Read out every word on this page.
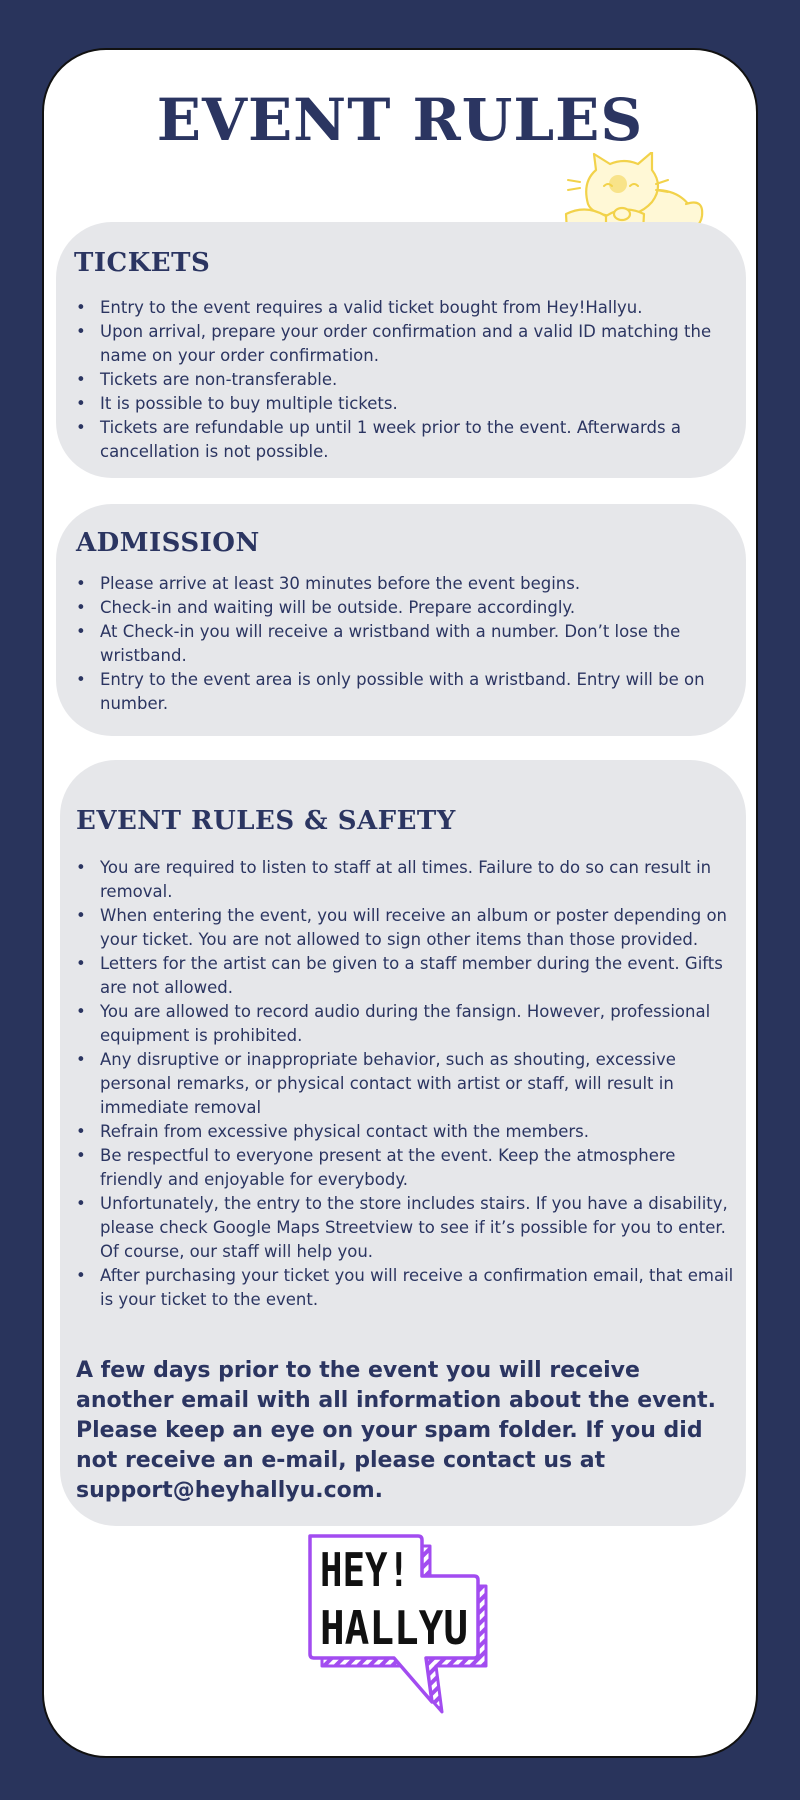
EVENT RULES
TICKETS
• Entry to the event requires a valid ticket bought from Hey!Hallyu.
• Upon arrival, prepare your order confirmation and a valid ID matching the name on your order confirmation.
• Tickets are non-transferable.
• It is possible to buy multiple tickets.
• Tickets are refundable up until 1 week prior to the event. Afterwards a cancellation is not possible.
ADMISSION
• Please arrive at least 30 minutes before the event begins.
• Check-in and waiting will be outside. Prepare accordingly.
• At Check-in you will receive a wristband with a number. Don’t lose the wristband.
• Entry to the event area is only possible with a wristband. Entry will be on number.
EVENT RULES & SAFETY
• You are required to listen to staff at all times. Failure to do so can result in removal.
• When entering the event, you will receive an album or poster depending on your ticket. You are not allowed to sign other items than those provided.
• Letters for the artist can be given to a staff member during the event. Gifts are not allowed.
• You are allowed to record audio during the fansign. However, professional equipment is prohibited.
• Any disruptive or inappropriate behavior, such as shouting, excessive personal remarks, or physical contact with artist or staff, will result in immediate removal
• Refrain from excessive physical contact with the members.
• Be respectful to everyone present at the event. Keep the atmosphere friendly and enjoyable for everybody.
• Unfortunately, the entry to the store includes stairs. If you have a disability, please check Google Maps Streetview to see if it’s possible for you to enter. Of course, our staff will help you.
• After purchasing your ticket you will receive a confirmation email, that email is your ticket to the event.

A few days prior to the event you will receive another email with all information about the event. Please keep an eye on your spam folder. If you did not receive an e-mail, please contact us at support@heyhallyu.com.

HEY!
HALLYU
